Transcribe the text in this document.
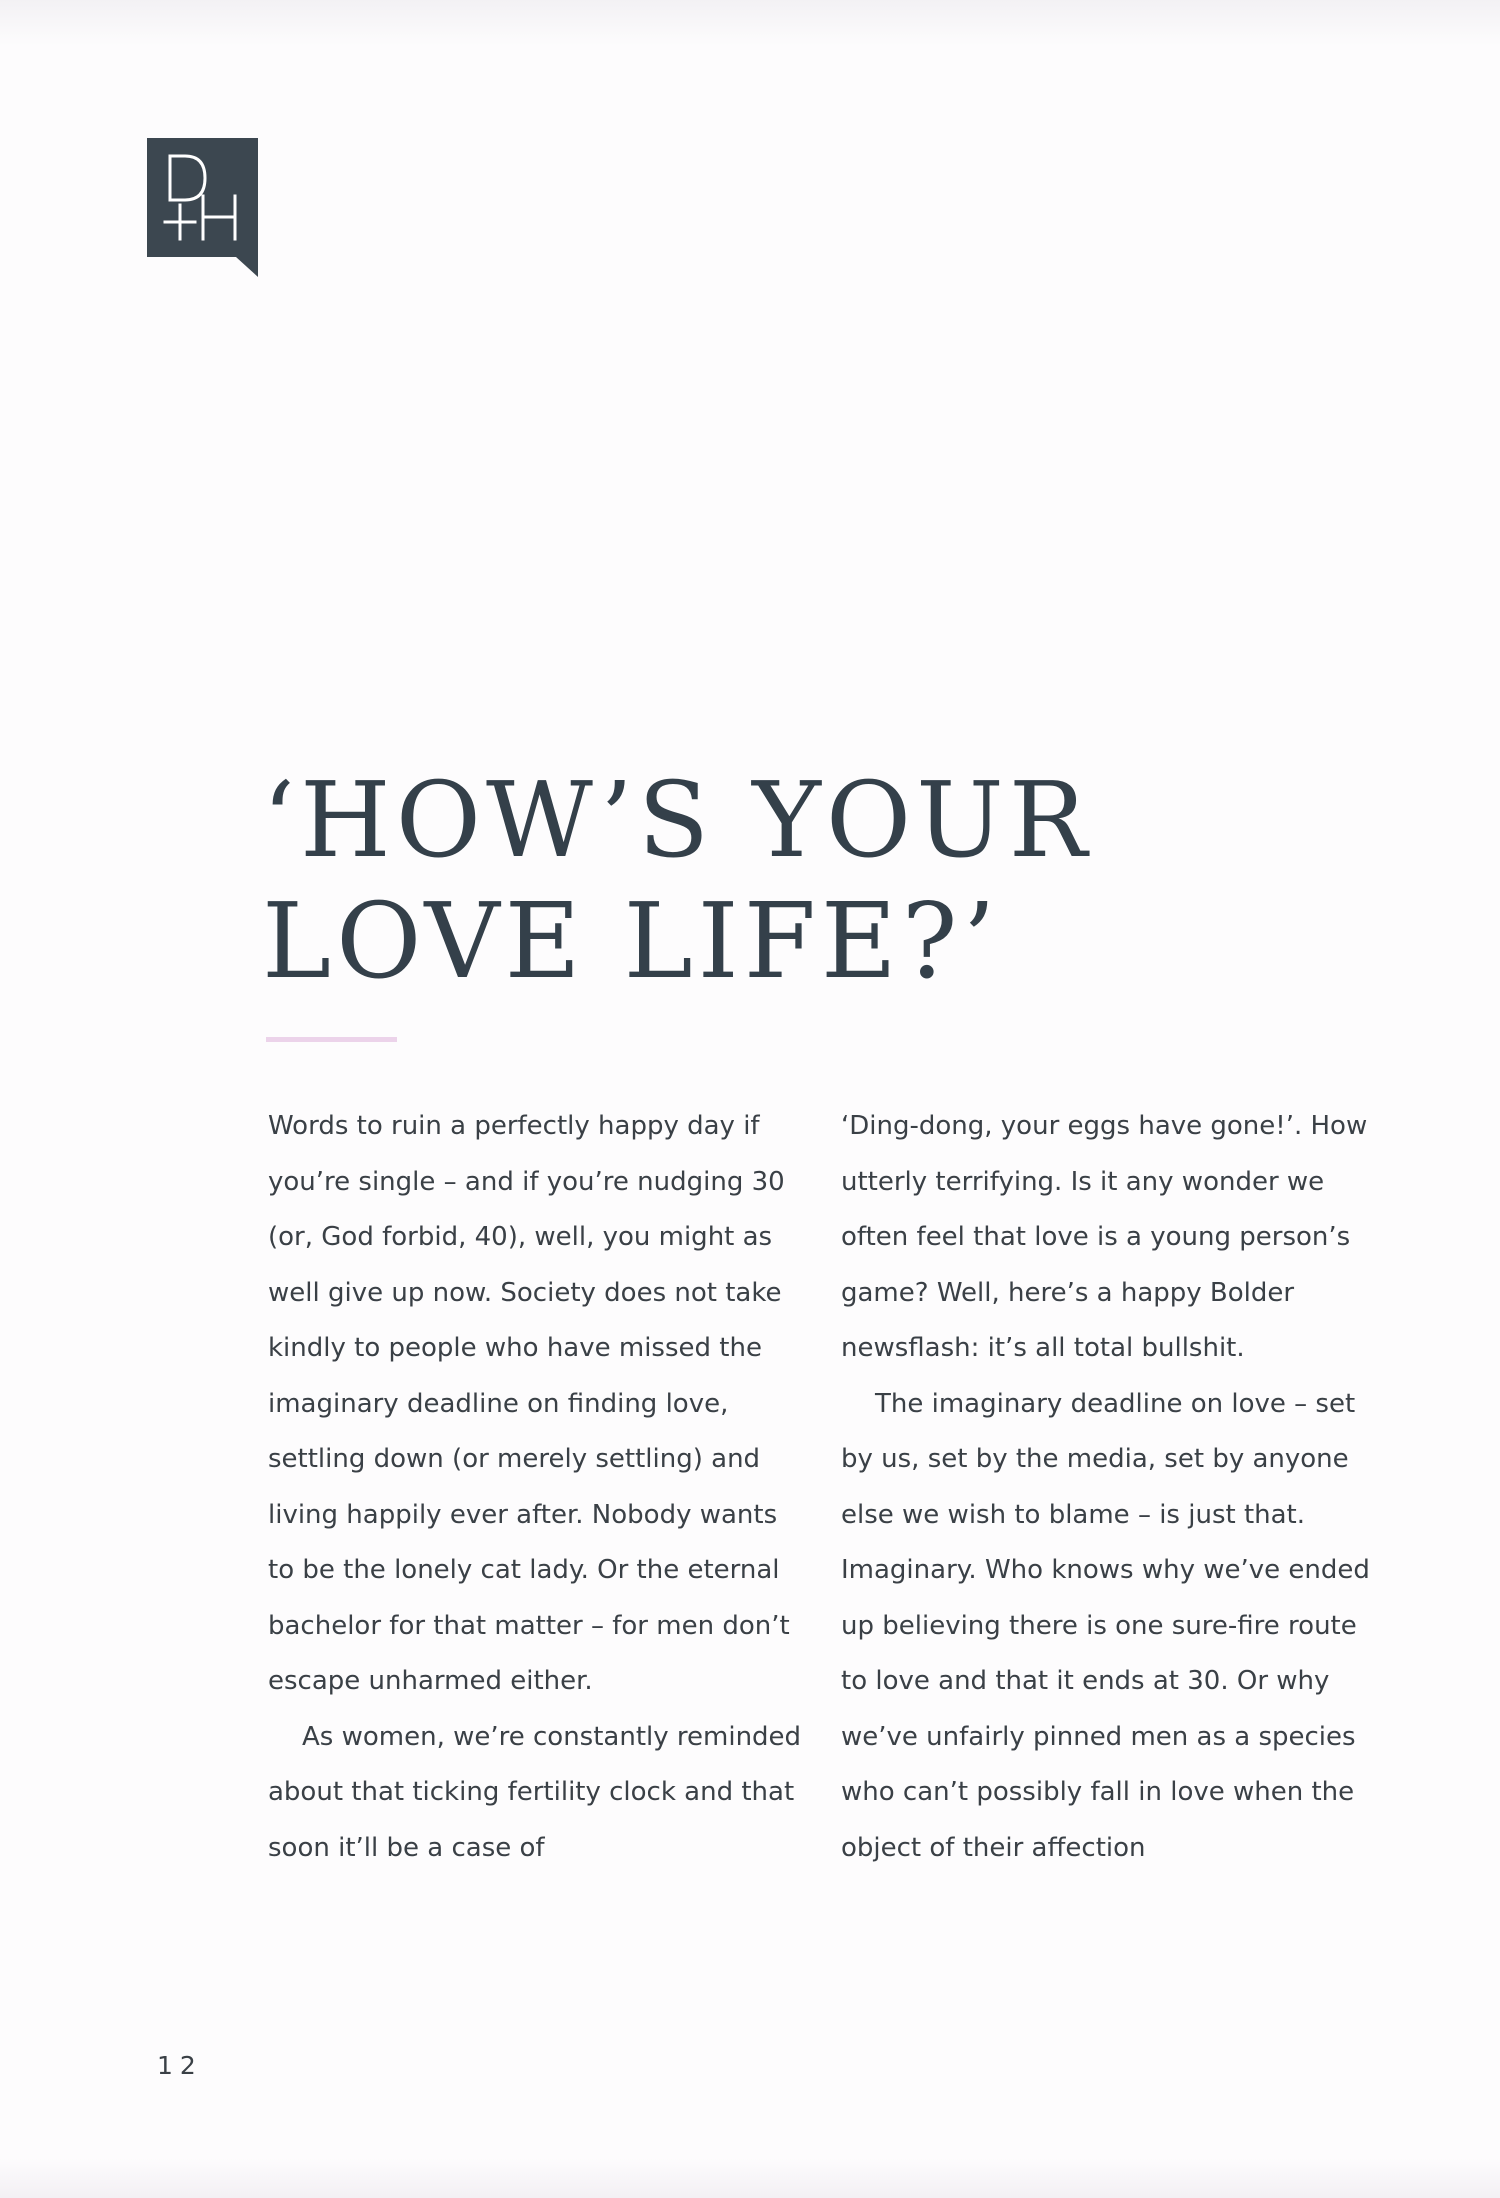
‘HOW’S YOUR
LOVE LIFE?’

Words to ruin a perfectly happy day if you’re single – and if you’re nudging 30 (or, God forbid, 40), well, you might as well give up now. Society does not take kindly to people who have missed the imaginary deadline on finding love, settling down (or merely settling) and living happily ever after. Nobody wants to be the lonely cat lady. Or the eternal bachelor for that matter – for men don’t escape unharmed either.

As women, we’re constantly reminded about that ticking fertility clock and that soon it’ll be a case of

‘Ding-dong, your eggs have gone!’. How utterly terrifying. Is it any wonder we often feel that love is a young person’s game? Well, here’s a happy Bolder newsflash: it’s all total bullshit.

The imaginary deadline on love – set by us, set by the media, set by anyone else we wish to blame – is just that. Imaginary. Who knows why we’ve ended up believing there is one sure-fire route to love and that it ends at 30. Or why we’ve unfairly pinned men as a species who can’t possibly fall in love when the object of their affection

12
